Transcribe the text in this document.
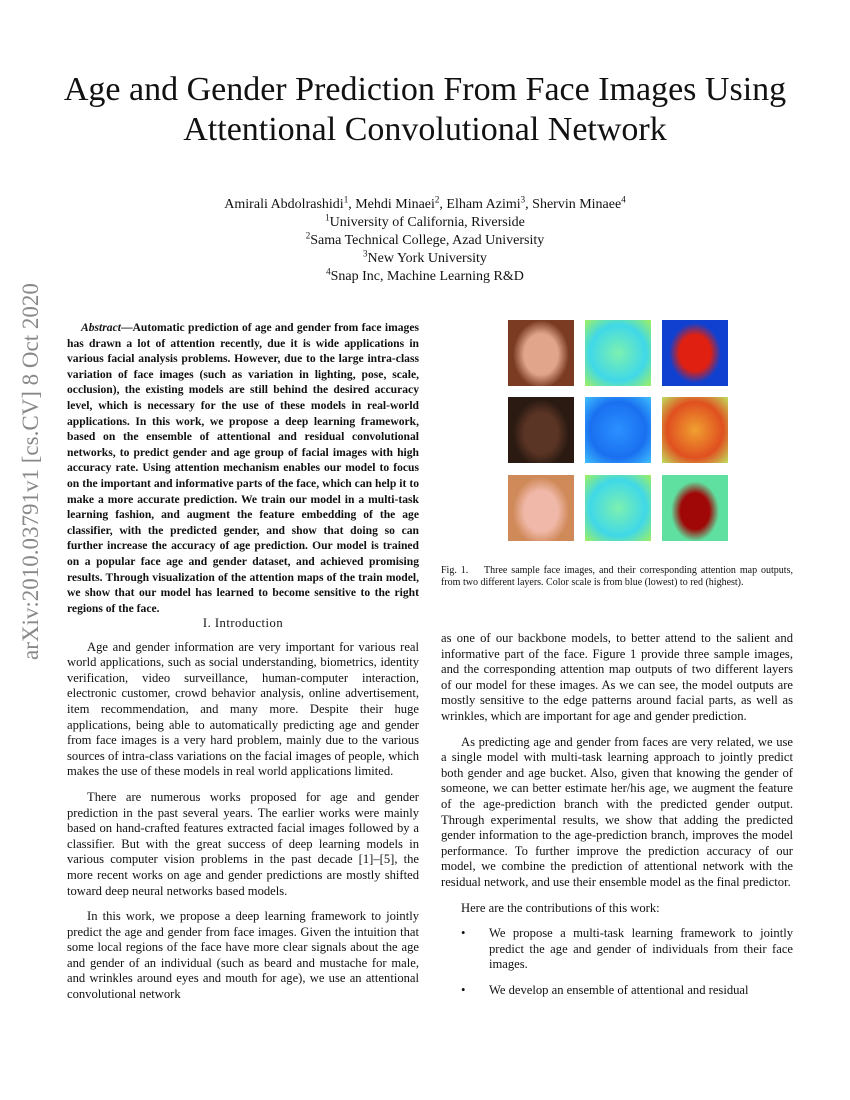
Age and Gender Prediction From Face Images Using
Attentional Convolutional Network
Amirali Abdolrashidi$^1$, Mehdi Minaei$^2$, Elham Azimi$^3$, Shervin Minaee$^4$
$^1$University of California, Riverside
$^2$Sama Technical College, Azad University
$^3$New York University
$^4$Snap Inc, Machine Learning R&D
arXiv:2010.03791v1 [cs.CV] 8 Oct 2020	Abstract—Automatic prediction of age and gender from face images has drawn a lot of attention recently, due it is wide applications in various facial analysis problems. However, due to the large intra-class variation of face images (such as variation in lighting, pose, scale, occlusion), the existing models are still behind the desired accuracy level, which is necessary for the use of these models in real-world applications. In this work, we propose a deep learning framework, based on the ensemble of attentional and residual convolutional networks, to predict gender and age group of facial images with high accuracy rate. Using attention mechanism enables our model to focus on the important and informative parts of the face, which can help it to make a more accurate prediction. We train our model in a multi-task learning fashion, and augment the feature embedding of the age classifier, with the predicted gender, and show that doing so can further increase the accuracy of age prediction. Our model is trained on a popular face age and gender dataset, and achieved promising results. Through visualization of the attention maps of the train model, we show that our model has learned to become sensitive to the right regions of the face.

I. Introduction

Age and gender information are very important for various real world applications, such as social understanding, biometrics, identity verification, video surveillance, human-computer interaction, electronic customer, crowd behavior analysis, online advertisement, item recommendation, and many more. Despite their huge applications, being able to automatically predicting age and gender from face images is a very hard problem, mainly due to the various sources of intra-class variations on the facial images of people, which makes the use of these models in real world applications limited.

There are numerous works proposed for age and gender prediction in the past several years. The earlier works were mainly based on hand-crafted features extracted facial images followed by a classifier. But with the great success of deep learning models in various computer vision problems in the past decade [1]–[5], the more recent works on age and gender predictions are mostly shifted toward deep neural networks based models.

In this work, we propose a deep learning framework to jointly predict the age and gender from face images. Given the intuition that some local regions of the face have more clear signals about the age and gender of an individual (such as beard and mustache for male, and wrinkles around eyes and mouth for age), we use an attentional convolutional network

Fig. 1. Three sample face images, and their corresponding attention map outputs, from two different layers. Color scale is from blue (lowest) to red (highest).

as one of our backbone models, to better attend to the salient and informative part of the face. Figure 1 provide three sample images, and the corresponding attention map outputs of two different layers of our model for these images. As we can see, the model outputs are mostly sensitive to the edge patterns around facial parts, as well as wrinkles, which are important for age and gender prediction.

As predicting age and gender from faces are very related, we use a single model with multi-task learning approach to jointly predict both gender and age bucket. Also, given that knowing the gender of someone, we can better estimate her/his age, we augment the feature of the age-prediction branch with the predicted gender output. Through experimental results, we show that adding the predicted gender information to the age-prediction branch, improves the model performance. To further improve the prediction accuracy of our model, we combine the prediction of attentional network with the residual network, and use their ensemble model as the final predictor.

Here are the contributions of this work:

• We propose a multi-task learning framework to jointly predict the age and gender of individuals from their face images.
• We develop an ensemble of attentional and residual
